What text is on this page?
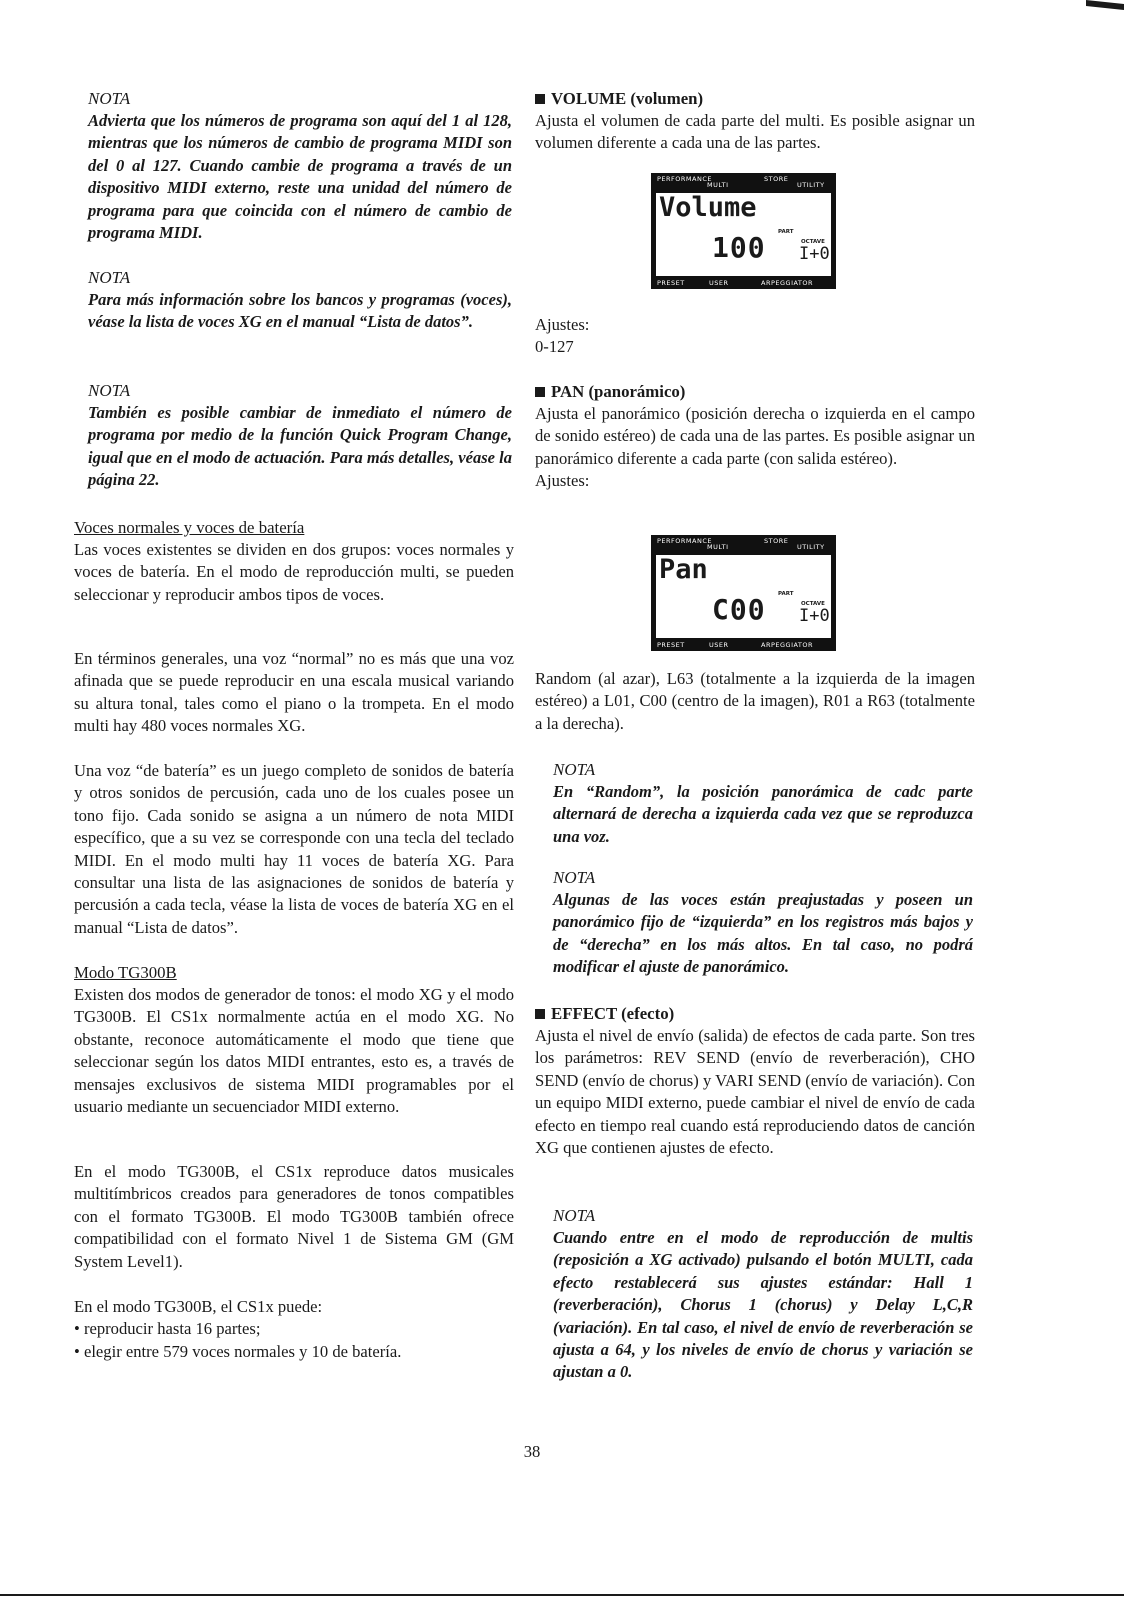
NOTA

Advierta que los números de programa son aquí del 1 al 128, mientras que los números de cambio de programa MIDI son del 0 al 127. Cuando cambie de programa a través de un dispositivo MIDI externo, reste una unidad del número de programa para que coincida con el número de cambio de programa MIDI.

NOTA

Para más información sobre los bancos y programas (voces), véase la lista de voces XG en el manual “Lista de datos”.

NOTA

También es posible cambiar de inmediato el número de programa por medio de la función Quick Program Change, igual que en el modo de actuación. Para más detalles, véase la página 22.

Voces normales y voces de batería

Las voces existentes se dividen en dos grupos: voces normales y voces de batería. En el modo de reproducción multi, se pueden seleccionar y reproducir ambos tipos de voces.

En términos generales, una voz “normal” no es más que una voz afinada que se puede reproducir en una escala musical variando su altura tonal, tales como el piano o la trompeta. En el modo multi hay 480 voces normales XG.

Una voz “de batería” es un juego completo de sonidos de batería y otros sonidos de percusión, cada uno de los cuales posee un tono fijo. Cada sonido se asigna a un número de nota MIDI específico, que a su vez se corresponde con una tecla del teclado MIDI. En el modo multi hay 11 voces de batería XG. Para consultar una lista de las asignaciones de sonidos de batería y percusión a cada tecla, véase la lista de voces de batería XG en el manual “Lista de datos”.

Modo TG300B

Existen dos modos de generador de tonos: el modo XG y el modo TG300B. El CS1x normalmente actúa en el modo XG. No obstante, reconoce automáticamente el modo que tiene que seleccionar según los datos MIDI entrantes, esto es, a través de mensajes exclusivos de sistema MIDI programables por el usuario mediante un secuenciador MIDI externo.

En el modo TG300B, el CS1x reproduce datos musicales multitímbricos creados para generadores de tonos compatibles con el formato TG300B. El modo TG300B también ofrece compatibilidad con el formato Nivel 1 de Sistema GM (GM System Level1).

En el modo TG300B, el CS1x puede:

• reproducir hasta 16 partes;

• elegir entre 579 voces normales y 10 de batería.

VOLUME (volumen)

Ajusta el volumen de cada parte del multi. Es posible asignar un volumen diferente a cada una de las partes.

Ajustes:

0-127

PAN (panorámico)

Ajusta el panorámico (posición derecha o izquierda en el campo de sonido estéreo) de cada una de las partes. Es posible asignar un panorámico diferente a cada parte (con salida estéreo).

Ajustes:

Random (al azar), L63 (totalmente a la izquierda de la imagen estéreo) a L01, C00 (centro de la imagen), R01 a R63 (totalmente a la derecha).

NOTA

En “Random”, la posición panorámica de cadc parte alternará de derecha a izquierda cada vez que se reproduzca una voz.

NOTA

Algunas de las voces están preajustadas y poseen un panorámico fijo de “izquierda” en los registros más bajos y de “derecha” en los más altos. En tal caso, no podrá modificar el ajuste de panorámico.

EFFECT (efecto)

Ajusta el nivel de envío (salida) de efectos de cada parte. Son tres los parámetros: REV SEND (envío de reverberación), CHO SEND (envío de chorus) y VARI SEND (envío de variación). Con un equipo MIDI externo, puede cambiar el nivel de envío de cada efecto en tiempo real cuando está reproduciendo datos de canción XG que contienen ajustes de efecto.

NOTA

Cuando entre en el modo de reproducción de multis (reposición a XG activado) pulsando el botón MULTI, cada efecto restablecerá sus ajustes estándar: Hall 1 (reverberación), Chorus 1 (chorus) y Delay L,C,R (variación). En tal caso, el nivel de envío de reverberación se ajusta a 64, y los niveles de envío de chorus y variación se ajustan a 0.

PERFORMANCE
MULTI
STORE
UTILITY
Volume
100 PART
OCTAVE
I+0
PRESET	USER	ARPEGGIATOR
PERFORMANCE
MULTI
STORE
UTILITY
Pan
C00 PART
OCTAVE
I+0
PRESET	USER	ARPEGGIATOR
38
